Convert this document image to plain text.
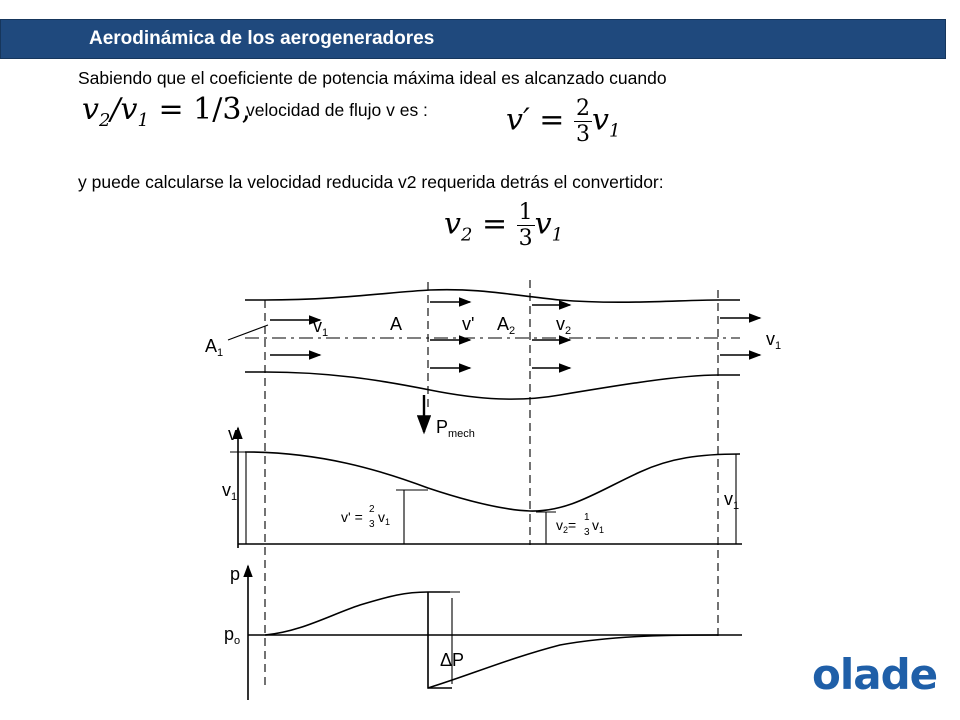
Aerodinámica de los aerogeneradores
Sabiendo que el coeficiente de potencia máxima ideal es alcanzado cuando
$v_2/v_1 = 1/3$,
velocidad de flujo v es :	$v' = \frac{2}{3} v_1$
y puede calcularse la velocidad reducida v2 requerida detrás el convertidor:
$v_2 = \frac{1}{3} v_1$
$A_1$
$v_1$	A	v' $A_2$ $v_2$	$v_1$
$P_{mech}$
v
$v_1$
v' = 2
3 $v_1$	$v_2= 1$
3 $v_1$
$v_1$
p
$p_o$
ΔP	olade
